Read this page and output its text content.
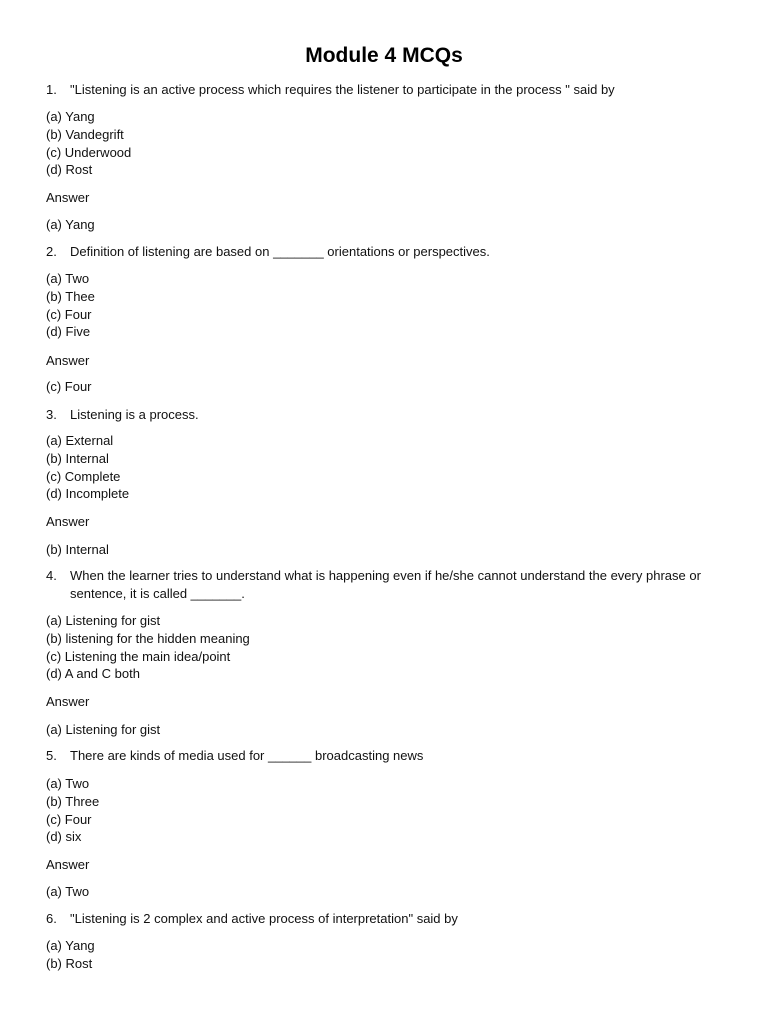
Module 4 MCQs
1.	"Listening is an active process which requires the listener to participate in the process " said by
(a) Yang
(b) Vandegrift
(c) Underwood
(d) Rost
Answer
(a) Yang
2.	Definition of listening are based on _______ orientations or perspectives.
(a) Two
(b) Thee
(c) Four
(d) Five
Answer
(c) Four
3.	Listening is a process.
(a) External
(b) Internal
(c) Complete
(d) Incomplete
Answer
(b) Internal
4.	When the learner tries to understand what is happening even if he/she cannot understand the every phrase or sentence, it is called _______.
(a) Listening for gist
(b) listening for the hidden meaning
(c) Listening the main idea/point
(d) A and C both
Answer
(a) Listening for gist
5.	There are kinds of media used for ______ broadcasting news
(a) Two
(b) Three
(c) Four
(d) six
Answer
(a) Two
6.	"Listening is 2 complex and active process of interpretation" said by
(a) Yang
(b) Rost
